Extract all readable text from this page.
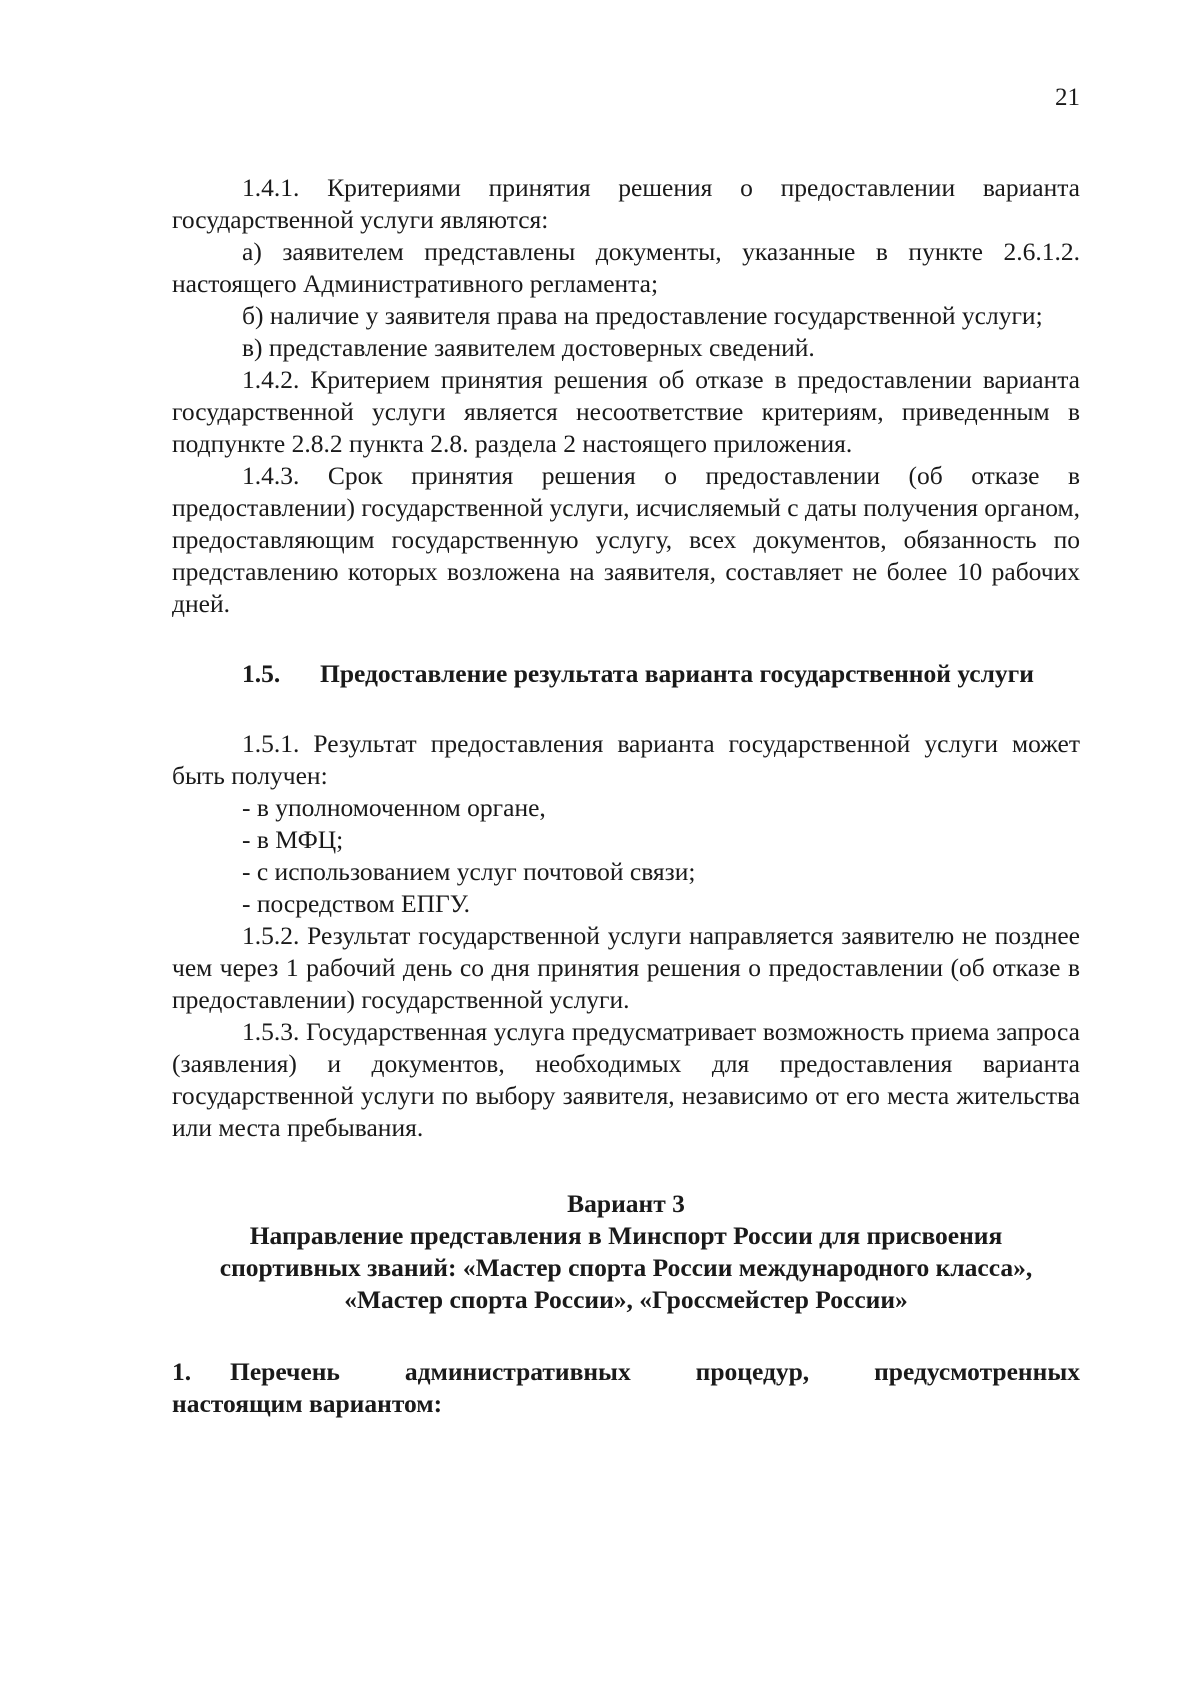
21

1.4.1. Критериями принятия решения о предоставлении варианта государственной услуги являются:

а) заявителем представлены документы, указанные в пункте 2.6.1.2. настоящего Административного регламента;

б) наличие у заявителя права на предоставление государственной услуги;

в) представление заявителем достоверных сведений.

1.4.2. Критерием принятия решения об отказе в предоставлении варианта государственной услуги является несоответствие критериям, приведенным в подпункте 2.8.2 пункта 2.8. раздела 2 настоящего приложения.

1.4.3. Срок принятия решения о предоставлении (об отказе в предоставлении) государственной услуги, исчисляемый с даты получения органом, предоставляющим государственную услугу, всех документов, обязанность по представлению которых возложена на заявителя, составляет не более 10 рабочих дней.

1.5. Предоставление результата варианта государственной услуги

1.5.1. Результат предоставления варианта государственной услуги может быть получен:

- в уполномоченном органе,

- в МФЦ;

- с использованием услуг почтовой связи;

- посредством ЕПГУ.

1.5.2. Результат государственной услуги направляется заявителю не позднее чем через 1 рабочий день со дня принятия решения о предоставлении (об отказе в предоставлении) государственной услуги.

1.5.3. Государственная услуга предусматривает возможность приема запроса (заявления) и документов, необходимых для предоставления варианта государственной услуги по выбору заявителя, независимо от его места жительства или места пребывания.

Вариант 3
Направление представления в Минспорт России для присвоения
спортивных званий: «Мастер спорта России международного класса»,
«Мастер спорта России», «Гроссмейстер России»
1. Перечень	административных	процедур,	предусмотренных
настоящим вариантом:
